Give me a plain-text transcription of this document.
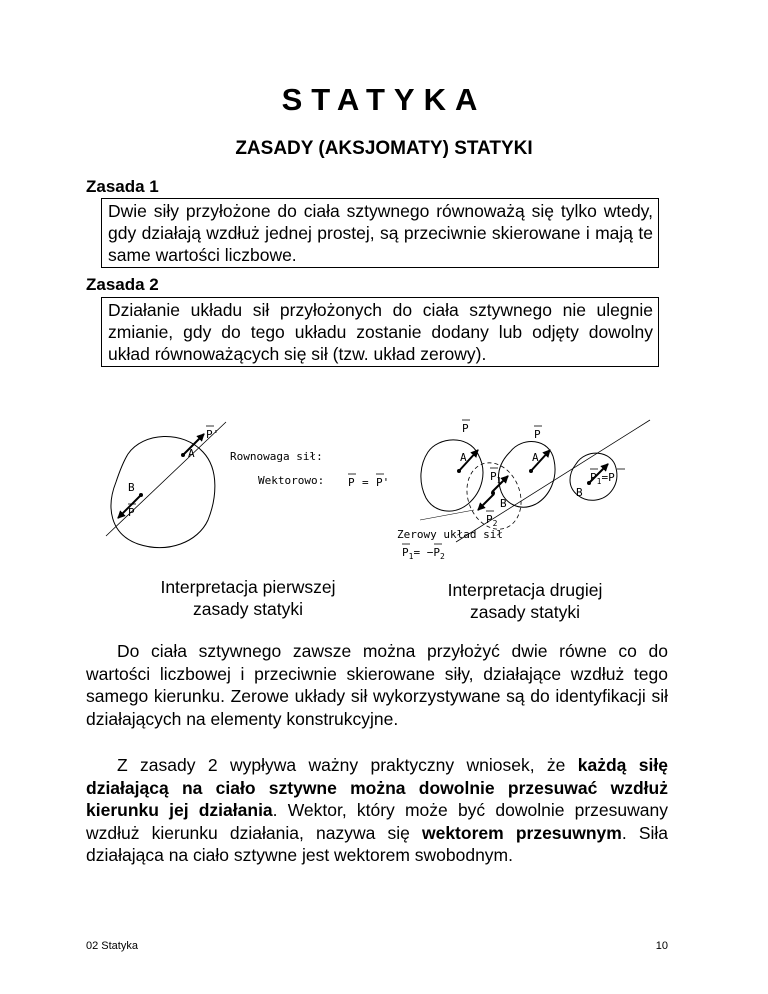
STATYKA
ZASADY (AKSJOMATY) STATYKI
Zasada 1
Dwie siły przyłożone do ciała sztywnego równoważą się tylko wtedy, gdy działają wzdłuż jednej prostej, są przeciwnie skierowane i mają te same wartości liczbowe.
Zasada 2
Działanie układu sił przyłożonych do ciała sztywnego nie ulegnie zmianie, gdy do tego układu zostanie dodany lub odjęty dowolny układ równoważących się sił (tzw. układ zerowy).
P'
A
B
P
Rownowaga sił:
Wektorowo: P = P'
P	P
A	A
$P_1$
B
$P_2$
$P_1=P$
B
Zerowy układ sił
$P_1= -P_2$
Interpretacja pierwszej
zasady statyki
Interpretacja drugiej
zasady statyki

Do ciała sztywnego zawsze można przyłożyć dwie równe co do wartości liczbowej i przeciwnie skierowane siły, działające wzdłuż tego samego kierunku. Zerowe układy sił wykorzystywane są do identyfikacji sił działających na elementy konstrukcyjne.

Z zasady 2 wypływa ważny praktyczny wniosek, że każdą siłę działającą na ciało sztywne można dowolnie przesuwać wzdłuż kierunku jej działania. Wektor, który może być dowolnie przesuwany wzdłuż kierunku działania, nazywa się wektorem przesuwnym. Siła działająca na ciało sztywne jest wektorem swobodnym.

02 Statyka	10
